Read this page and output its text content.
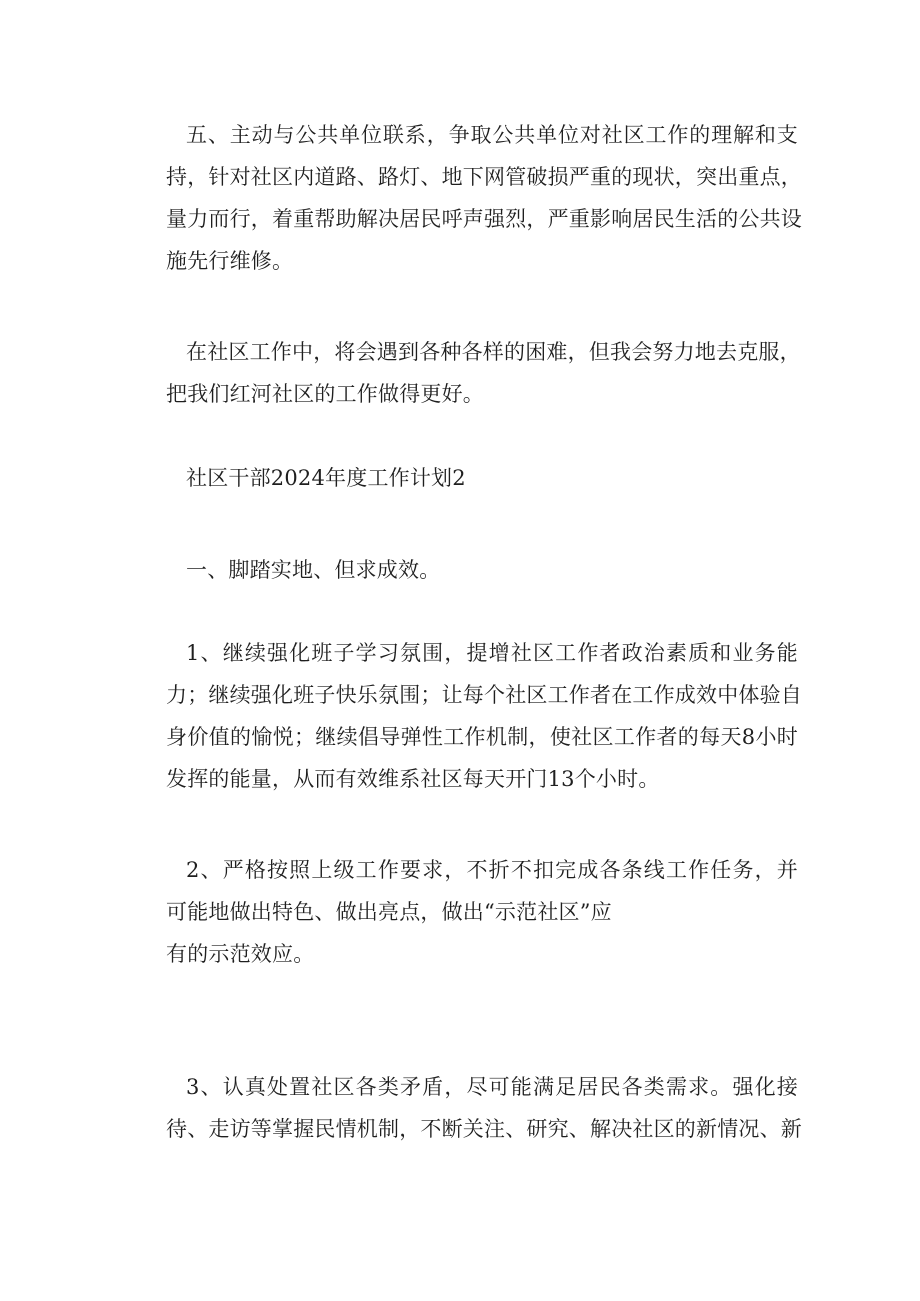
五、主动与公共单位联系，争取公共单位对社区工作的理解和支

持，针对社区内道路、路灯、地下网管破损严重的现状，突出重点，

量力而行，着重帮助解决居民呼声强烈，严重影响居民生活的公共设

施先行维修。

在社区工作中，将会遇到各种各样的困难，但我会努力地去克服，

把我们红河社区的工作做得更好。

社区干部2024年度工作计划2

一、脚踏实地、但求成效。

1、继续强化班子学习氛围，提增社区工作者政治素质和业务能

力；继续强化班子快乐氛围；让每个社区工作者在工作成效中体验自

身价值的愉悦；继续倡导弹性工作机制，使社区工作者的每天8小时

发挥的能量，从而有效维系社区每天开门13个小时。

2、严格按照上级工作要求，不折不扣完成各条线工作任务，并

可能地做出特色、做出亮点，做出“示范社区”应

有的示范效应。

3、认真处置社区各类矛盾，尽可能满足居民各类需求。强化接

待、走访等掌握民情机制，不断关注、研究、解决社区的新情况、新
